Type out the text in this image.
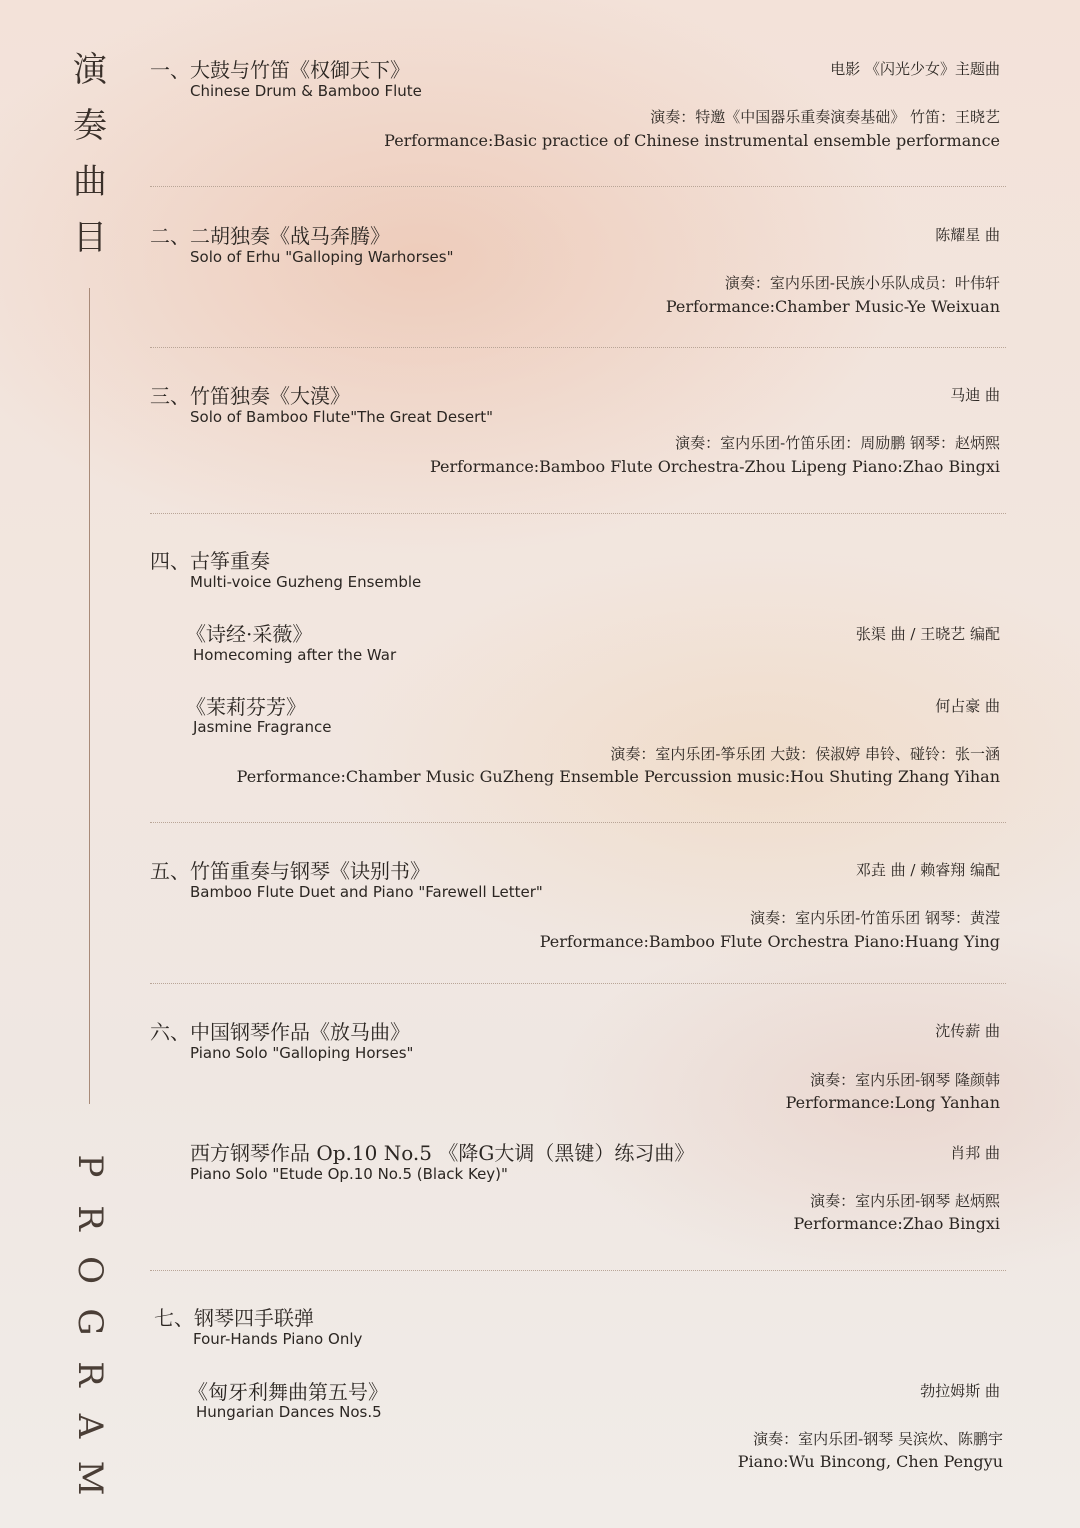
演
奏
曲
目
P
R
O
G
R
A
M
一、大鼓与竹笛《权御天下》
Chinese Drum & Bamboo Flute
电影 《闪光少女》主题曲
演奏：特邀《中国器乐重奏演奏基础》 竹笛：王晓艺
Performance:Basic practice of Chinese instrumental ensemble performance
二、二胡独奏《战马奔腾》
Solo of Erhu "Galloping Warhorses"
陈耀星 曲
演奏：室内乐团-民族小乐队成员：叶伟轩
Performance:Chamber Music-Ye Weixuan
三、竹笛独奏《大漠》
Solo of Bamboo Flute"The Great Desert"
马迪 曲
演奏：室内乐团-竹笛乐团：周励鹏 钢琴：赵炳熙
Performance:Bamboo Flute Orchestra-Zhou Lipeng Piano:Zhao Bingxi
四、古筝重奏
Multi-voice Guzheng Ensemble
《诗经·采薇》
Homecoming after the War
张渠 曲 / 王晓艺 编配
《茉莉芬芳》
Jasmine Fragrance
何占豪 曲
演奏：室内乐团-筝乐团 大鼓：侯淑婷 串铃、碰铃：张一涵
Performance:Chamber Music GuZheng Ensemble Percussion music:Hou Shuting Zhang Yihan
五、竹笛重奏与钢琴《诀别书》
Bamboo Flute Duet and Piano "Farewell Letter"
邓垚 曲 / 赖睿翔 编配
演奏：室内乐团-竹笛乐团 钢琴：黄滢
Performance:Bamboo Flute Orchestra Piano:Huang Ying
六、中国钢琴作品《放马曲》
Piano Solo "Galloping Horses"
沈传薪 曲
演奏：室内乐团-钢琴 隆颜韩
Performance:Long Yanhan
西方钢琴作品 Op.10 No.5 《降G大调（黑键）练习曲》
Piano Solo "Etude Op.10 No.5 (Black Key)"
肖邦 曲
演奏：室内乐团-钢琴 赵炳熙
Performance:Zhao Bingxi
七、钢琴四手联弹
Four-Hands Piano Only
《匈牙利舞曲第五号》
Hungarian Dances Nos.5
勃拉姆斯 曲
演奏：室内乐团-钢琴 吴滨炊、陈鹏宇
Piano:Wu Bincong, Chen Pengyu
